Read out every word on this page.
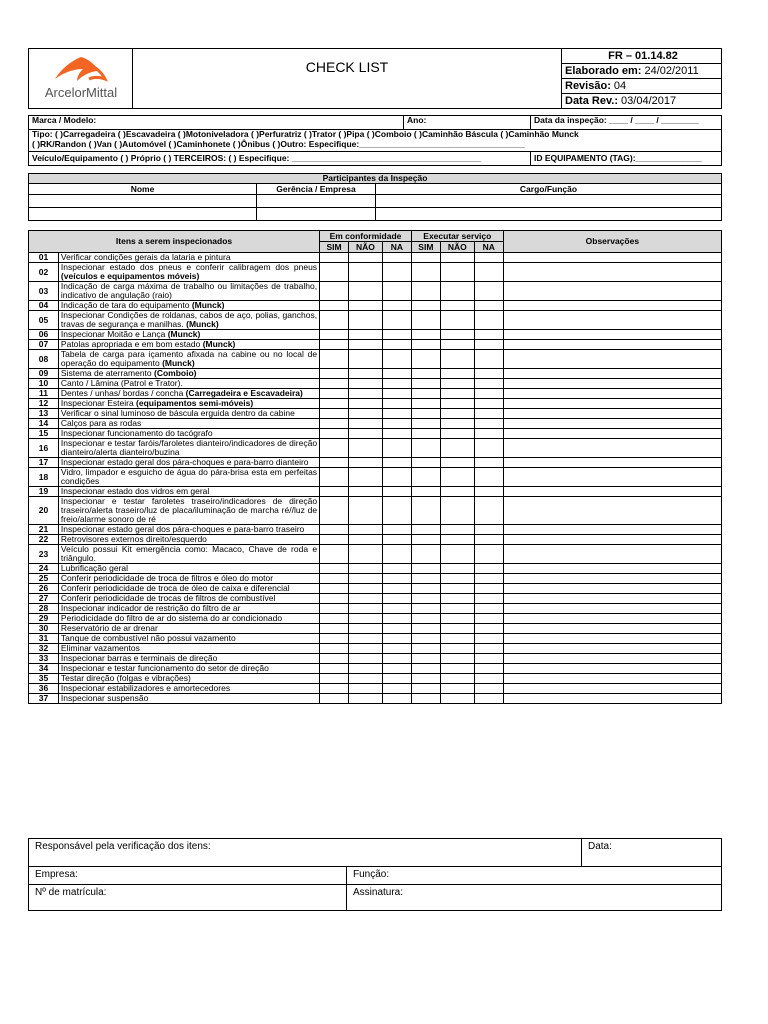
ArcelorMittal
	CHECK LIST	
FR – 01.14.82
Elaborado em: 24/02/2011
Revisão: 04
Data Rev.: 03/04/2017
Marca / Modelo:	Ano:	Data da inspeção: ____ / ____ / ________

Tipo: ( )Carregadeira ( )Escavadeira ( )Motoniveladora ( )Perfuratriz ( )Trator ( )Pipa ( )Comboio ( )Caminhão Báscula ( )Caminhão Munck
( )RK/Randon ( )Van ( )Automóvel ( )Caminhonete ( )Ônibus ( )Outro: Especifique:___________________________________		

Veículo/Equipamento ( ) Próprio ( ) TERCEIROS: ( ) Especifique: ________________________________________		ID EQUIPAMENTO (TAG):______________
Participantes da Inspeção		
Nome	Gerência / Empresa	Cargo/Função

Itens a serem inspecionados		Em conformidade			Executar serviço			Observações
		SIM	NÃO	NA	SIM	NÃO	NA	
01	Verificar condições gerais da lataria e pintura							
02	Inspecionar estado dos pneus e conferir calibragem dos pneus (veículos e equipamentos móveis)							
03	Indicação de carga máxima de trabalho ou limitações de trabalho, indicativo de angulação (raio)							
04	Indicação de tara do equipamento (Munck)							
05	Inspecionar Condições de roldanas, cabos de aço, polias, ganchos, travas de segurança e manilhas. (Munck)							
06	Inspecionar Moitão e Lança (Munck)							
07	Patolas apropriada e em bom estado (Munck)							
08	Tabela de carga para içamento afixada na cabine ou no local de operação do equipamento (Munck)							
09	Sistema de aterramento (Comboio)							
10	Canto / Lâmina (Patrol e Trator).							
11	Dentes / unhas/ bordas / concha (Carregadeira e Escavadeira)							
12	Inspecionar Esteira (equipamentos semi-móveis)							
13	Verificar o sinal luminoso de báscula erguida dentro da cabine							
14	Calços para as rodas							
15	Inspecionar funcionamento do tacógrafo							
16	Inspecionar e testar faróis/faroletes dianteiro/indicadores de direção dianteiro/alerta dianteiro/buzina							
17	Inspecionar estado geral dos pára-choques e para-barro dianteiro							
18	Vidro, limpador e esguicho de água do pára-brisa esta em perfeitas condições							
19	Inspecionar estado dos vidros em geral							
20	Inspecionar e testar faroletes traseiro/indicadores de direção traseiro/alerta traseiro/luz de placa/iluminação de marcha ré//luz de freio/alarme sonoro de ré							
21	Inspecionar estado geral dos pára-choques e para-barro traseiro							
22	Retrovisores externos direito/esquerdo							
23	Veículo possui Kit emergência como: Macaco, Chave de roda e triângulo.							
24	Lubrificação geral							
25	Conferir periodicidade de troca de filtros e óleo do motor							
26	Conferir periodicidade de troca de óleo de caixa e diferencial							
27	Conferir periodicidade de trocas de filtros de combustível							
28	Inspecionar indicador de restrição do filtro de ar							
29	Periodicidade do filtro de ar do sistema do ar condicionado							
30	Reservatório de ar drenar							
31	Tanque de combustível não possui vazamento							
32	Eliminar vazamentos							
33	Inspecionar barras e terminais de direção							
34	Inspecionar e testar funcionamento do setor de direção							
35	Testar direção (folgas e vibrações)							
36	Inspecionar estabilizadores e amortecedores							
37	Inspecionar suspensão							
Responsável pela verificação dos itens:		Data:
Empresa:	Função:	
Nº de matrícula:	Assinatura:	
